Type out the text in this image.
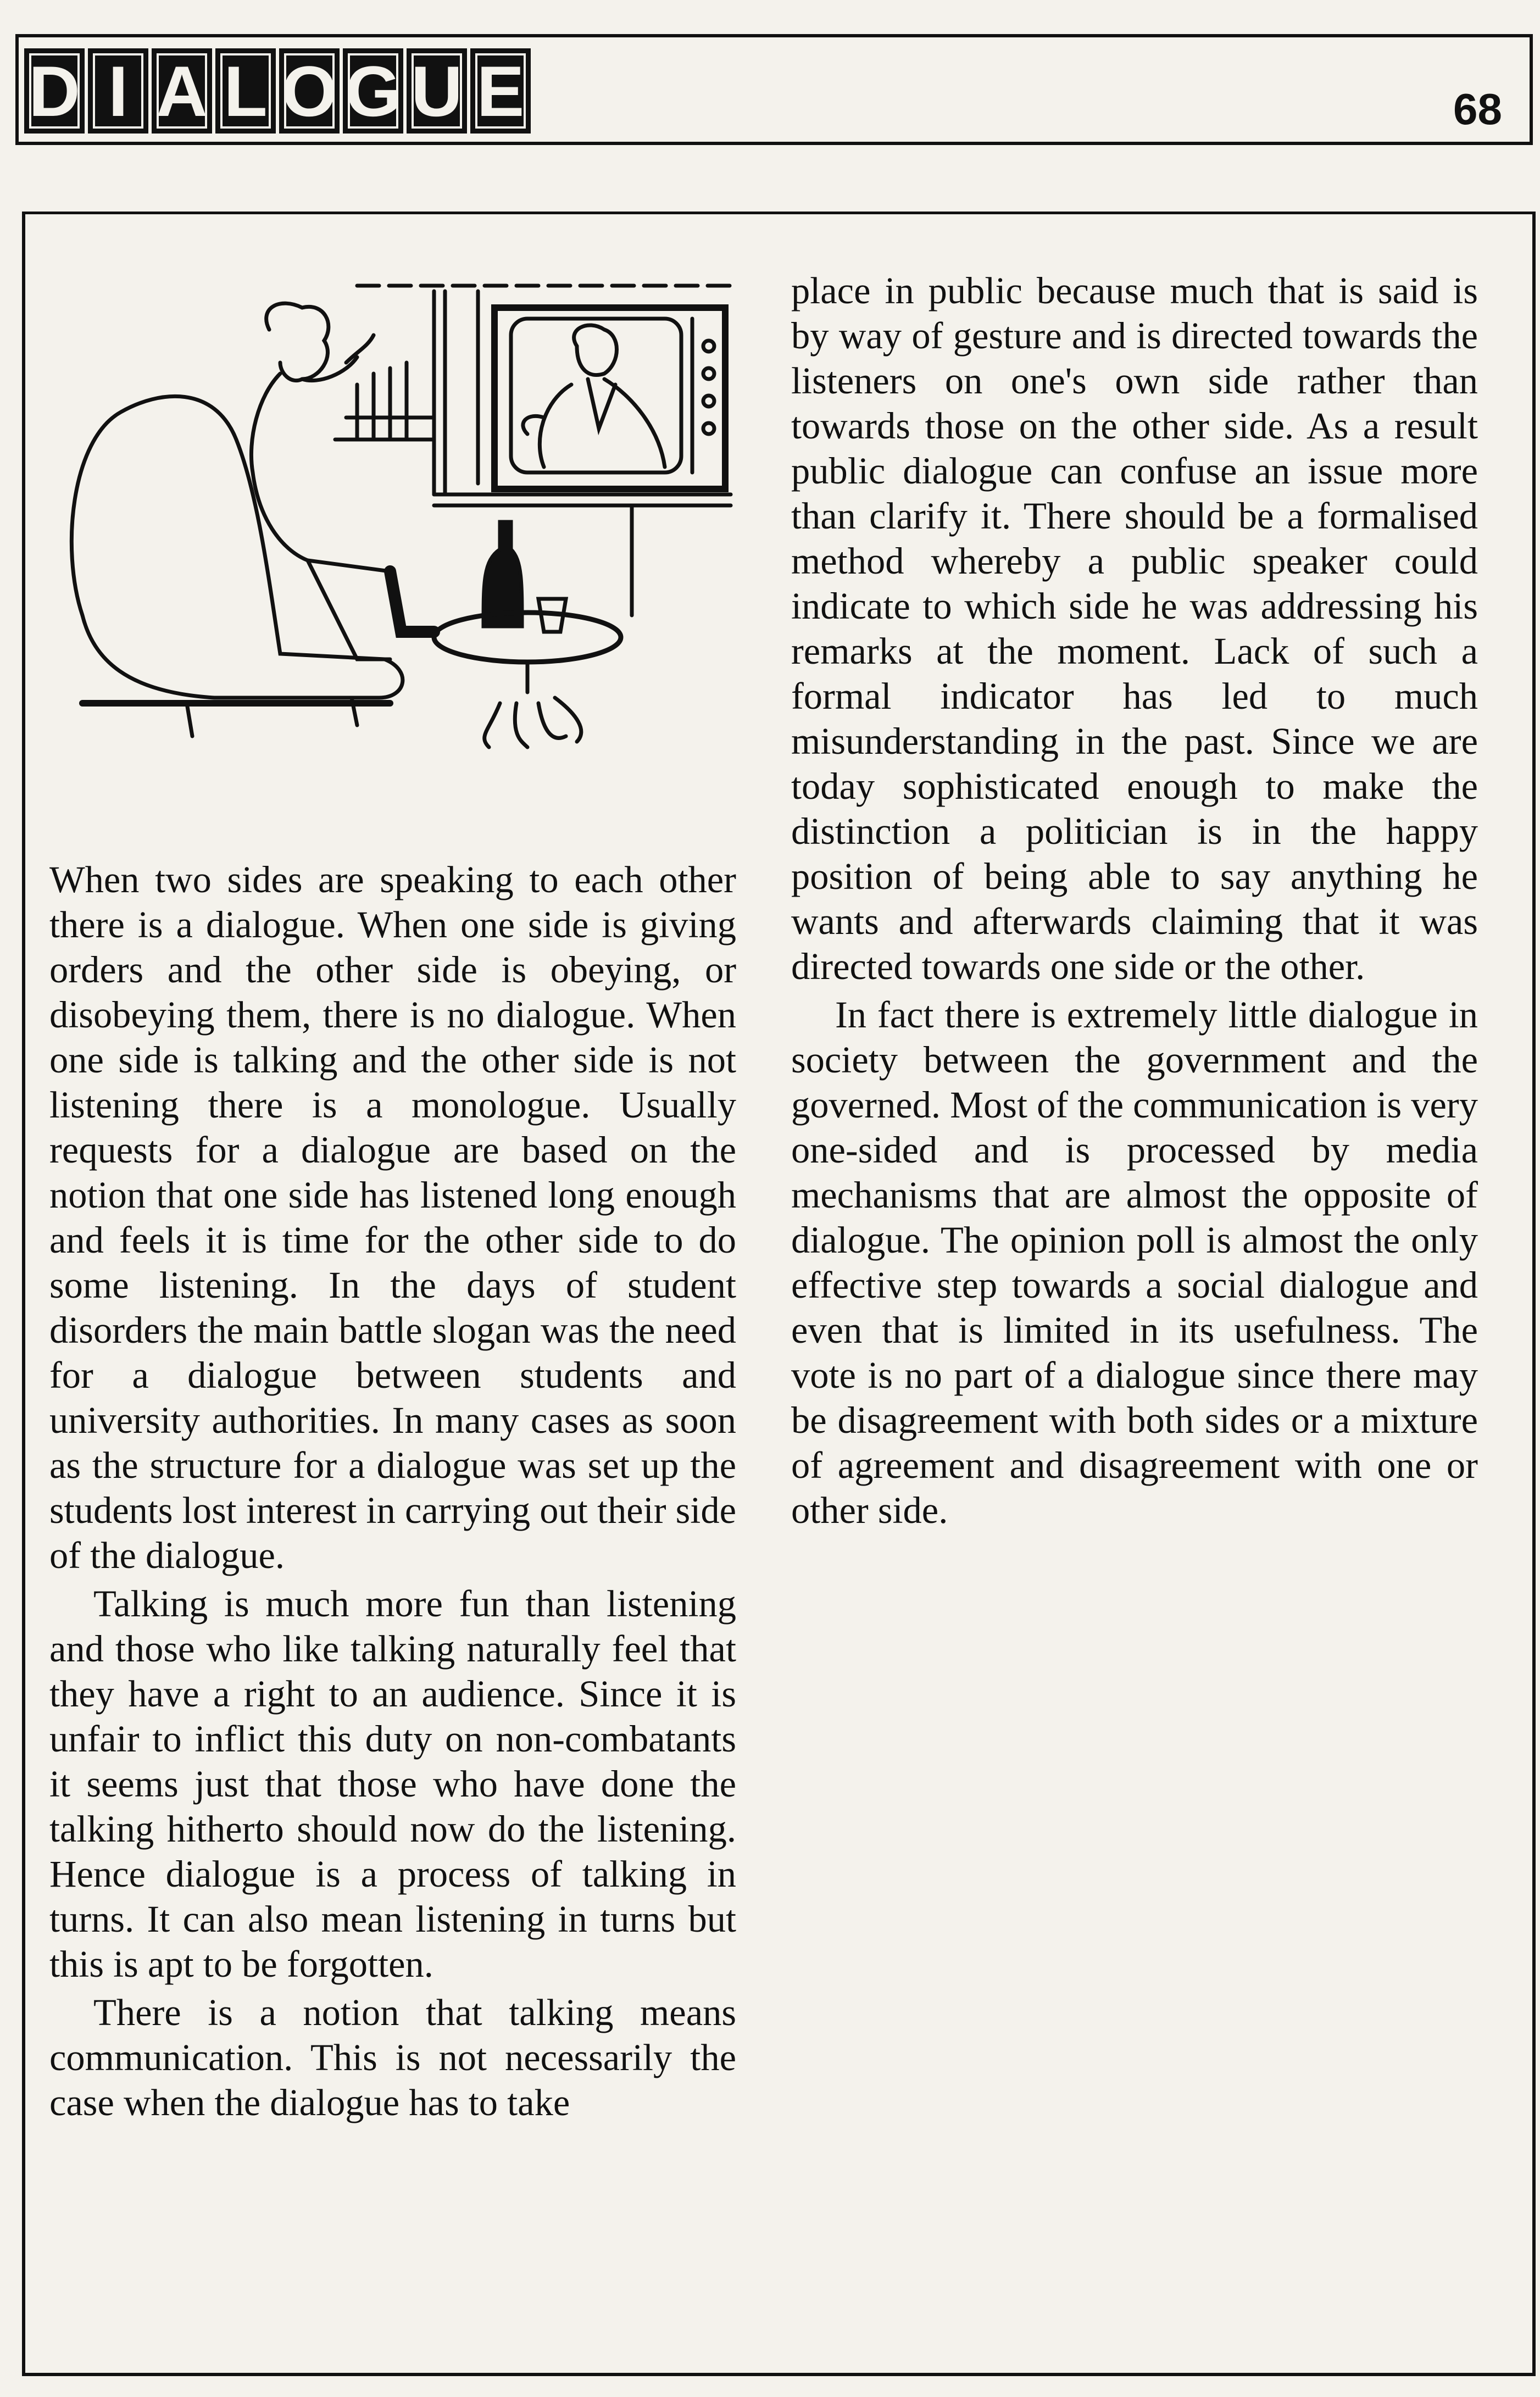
D I A L O G U E	68

When two sides are speaking to each other there is a dialogue. When one side is giving orders and the other side is obeying, or disobeying them, there is no dialogue. When one side is talking and the other side is not listening there is a monologue. Usually requests for a dialogue are based on the notion that one side has listened long enough and feels it is time for the other side to do some listening. In the days of student disorders the main battle slogan was the need for a dialogue between students and university authorities. In many cases as soon as the structure for a dialogue was set up the students lost interest in carrying out their side of the dialogue.

Talking is much more fun than listening and those who like talking naturally feel that they have a right to an audience. Since it is unfair to inflict this duty on non-combatants it seems just that those who have done the talking hitherto should now do the listening. Hence dialogue is a process of talking in turns. It can also mean listening in turns but this is apt to be forgotten.

There is a notion that talking means communication. This is not necessarily the case when the dialogue has to take

place in public because much that is said is by way of gesture and is directed towards the listeners on one's own side rather than towards those on the other side. As a result public dialogue can confuse an issue more than clarify it. There should be a formalised method whereby a public speaker could indicate to which side he was addressing his remarks at the moment. Lack of such a formal indicator has led to much misunderstanding in the past. Since we are today sophisticated enough to make the distinction a politician is in the happy position of being able to say anything he wants and afterwards claiming that it was directed towards one side or the other.

In fact there is extremely little dialogue in society between the government and the governed. Most of the communication is very one-sided and is processed by media mechanisms that are almost the opposite of dialogue. The opinion poll is almost the only effective step towards a social dialogue and even that is limited in its usefulness. The vote is no part of a dialogue since there may be disagreement with both sides or a mixture of agreement and disagreement with one or other side.
